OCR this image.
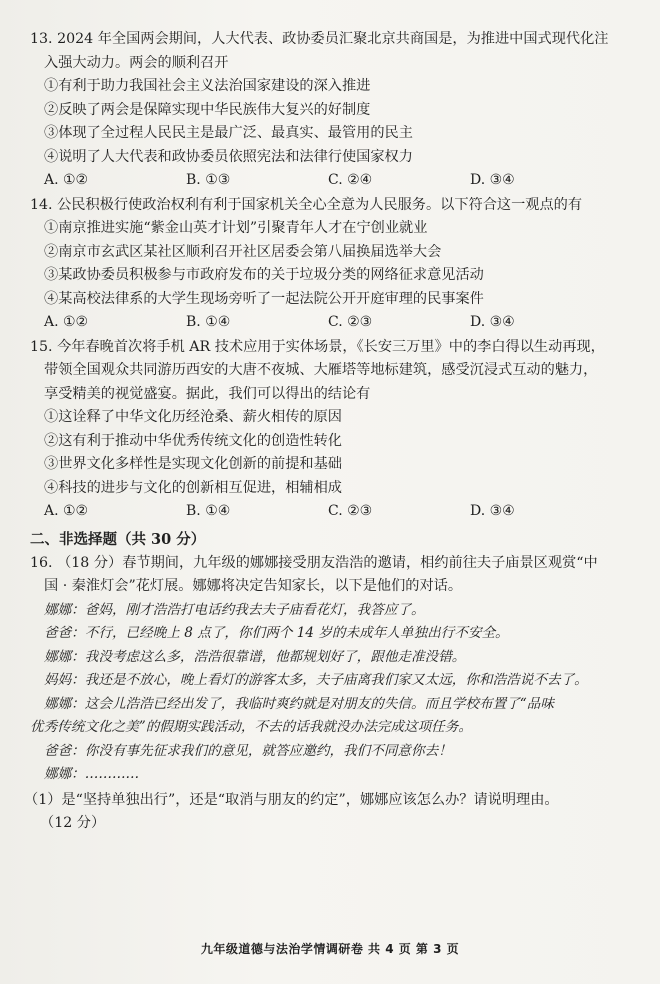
13. 2024 年全国两会期间，人大代表、政协委员汇聚北京共商国是，为推进中国式现代化注

入强大动力。两会的顺利召开

①有利于助力我国社会主义法治国家建设的深入推进

②反映了两会是保障实现中华民族伟大复兴的好制度

③体现了全过程人民民主是最广泛、最真实、最管用的民主

④说明了人大代表和政协委员依照宪法和法律行使国家权力

A. ①②	B. ①③	C. ②④	D. ③④

14. 公民积极行使政治权利有利于国家机关全心全意为人民服务。以下符合这一观点的有

①南京推进实施“紫金山英才计划”引聚青年人才在宁创业就业

②南京市玄武区某社区顺利召开社区居委会第八届换届选举大会

③某政协委员积极参与市政府发布的关于垃圾分类的网络征求意见活动

④某高校法律系的大学生现场旁听了一起法院公开开庭审理的民事案件

A. ①②	B. ①④	C. ②③	D. ③④

15. 今年春晚首次将手机 AR 技术应用于实体场景，《长安三万里》中的李白得以生动再现，

带领全国观众共同游历西安的大唐不夜城、大雁塔等地标建筑，感受沉浸式互动的魅力，

享受精美的视觉盛宴。据此，我们可以得出的结论有

①这诠释了中华文化历经沧桑、薪火相传的原因

②这有利于推动中华优秀传统文化的创造性转化

③世界文化多样性是实现文化创新的前提和基础

④科技的进步与文化的创新相互促进，相辅相成

A. ①②	B. ①④	C. ②③	D. ③④
二、非选择题（共 30 分）

16. （18 分）春节期间，九年级的娜娜接受朋友浩浩的邀请，相约前往夫子庙景区观赏“中

国 · 秦淮灯会”花灯展。娜娜将决定告知家长，以下是他们的对话。

娜娜：爸妈，刚才浩浩打电话约我去夫子庙看花灯，我答应了。

爸爸：不行，已经晚上 8 点了，你们两个 14 岁的未成年人单独出行不安全。

娜娜：我没考虑这么多，浩浩很靠谱，他都规划好了，跟他走准没错。

妈妈：我还是不放心，晚上看灯的游客太多，夫子庙离我们家又太远，你和浩浩说不去了。

娜娜：这会儿浩浩已经出发了，我临时爽约就是对朋友的失信。而且学校布置了“品味

优秀传统文化之美”的假期实践活动，不去的话我就没办法完成这项任务。

爸爸：你没有事先征求我们的意见，就答应邀约，我们不同意你去！

娜娜：…………

（1）是“坚持单独出行”，还是“取消与朋友的约定”，娜娜应该怎么办？请说明理由。

（12 分）

九年级道德与法治学情调研卷 共 4 页 第 3 页
